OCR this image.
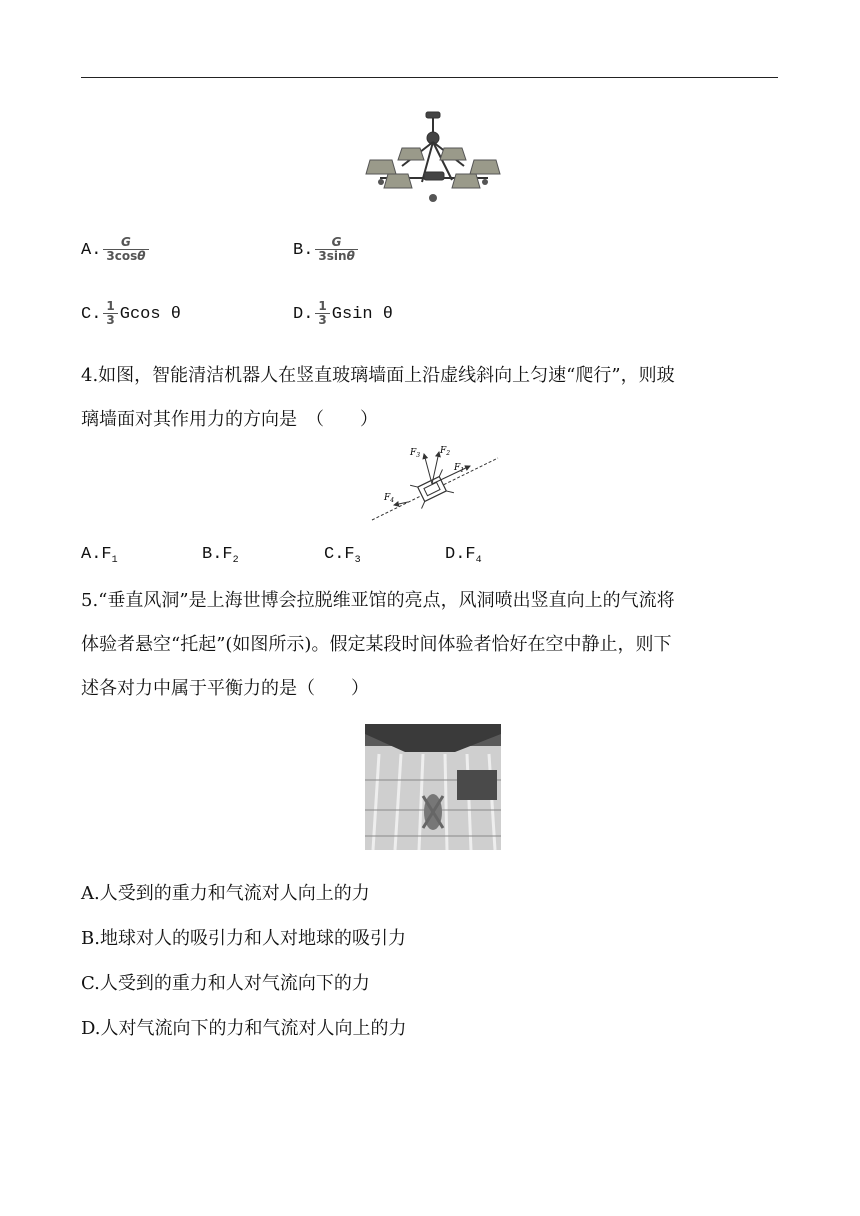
A. $\frac{G}{3\cos\theta}$	B. $\frac{G}{3\sin\theta}$
C. $\frac{1}{3}$ Gcos θ	D. $\frac{1}{3}$ Gsin θ
4.如图，智能清洁机器人在竖直玻璃墙面上沿虚线斜向上匀速“爬行”，则玻
璃墙面对其作用力的方向是　（　　）
$F_3$ $F_2$
$F_1$
$F_4$
$A.F_1$	$B.F_2$	$C.F_3$	$D.F_4$
5.“垂直风洞”是上海世博会拉脱维亚馆的亮点，风洞喷出竖直向上的气流将
体验者悬空“托起”(如图所示)。假定某段时间体验者恰好在空中静止，则下
述各对力中属于平衡力的是（　　）
A.人受到的重力和气流对人向上的力
B.地球对人的吸引力和人对地球的吸引力
C.人受到的重力和人对气流向下的力
D.人对气流向下的力和气流对人向上的力
